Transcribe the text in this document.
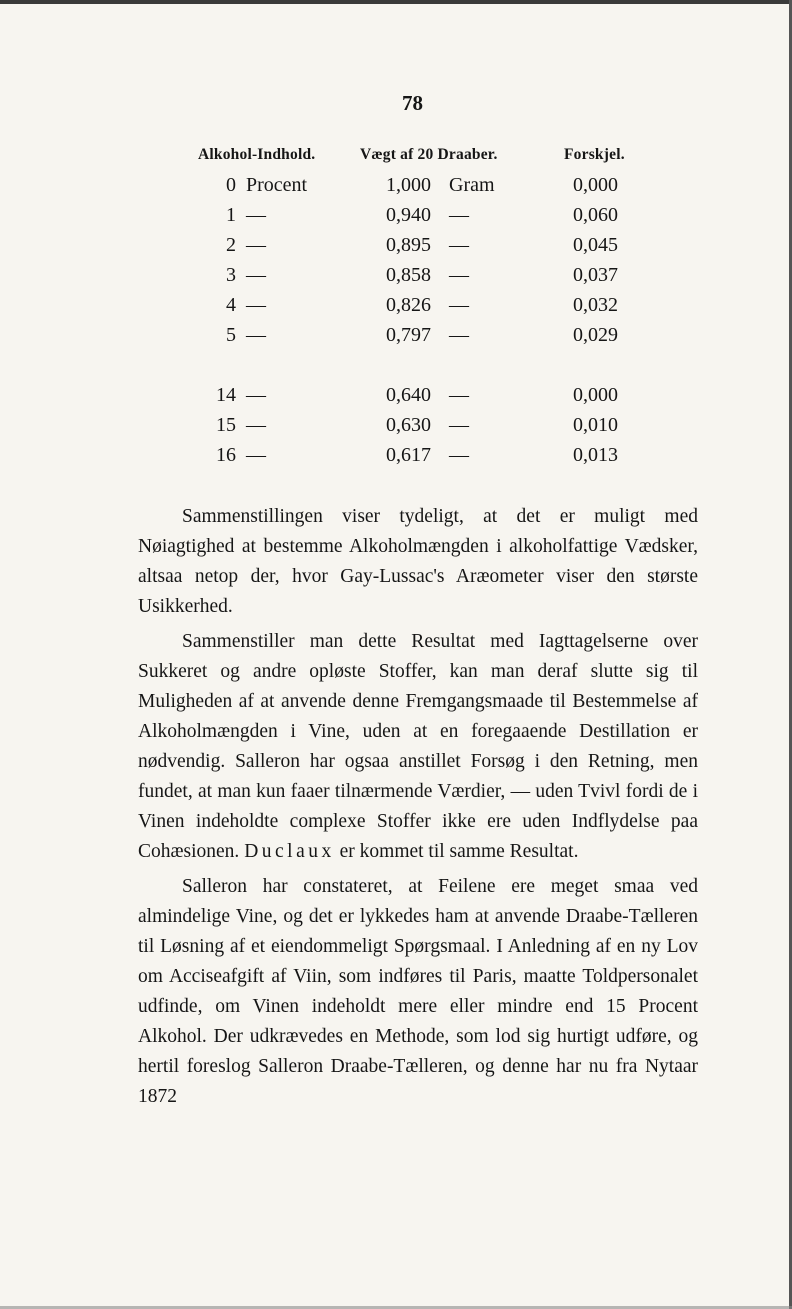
78
Alkohol-Indhold.	Vægt af 20 Draaber.	Forskjel.
0 Procent	1,000 Gram	0,000
1 —	0,940 —	0,060
2 —	0,895 —	0,045
3 —	0,858 —	0,037
4 —	0,826 —	0,032
5 —	0,797 —	0,029
14 —	0,640 —	0,000
15 —	0,630 —	0,010
16 —	0,617 —	0,013

Sammenstillingen viser tydeligt, at det er muligt med Nøiagtighed at bestemme Alkoholmængden i alkoholfattige Vædsker, altsaa netop der, hvor Gay-Lussac's Aræometer viser den største Usikkerhed.

Sammenstiller man dette Resultat med Iagttagelserne over Sukkeret og andre opløste Stoffer, kan man deraf slutte sig til Muligheden af at anvende denne Fremgangsmaade til Bestemmelse af Alkoholmængden i Vine, uden at en foregaaende Destillation er nødvendig. Salleron har ogsaa anstillet Forsøg i den Retning, men fundet, at man kun faaer tilnærmende Værdier, — uden Tvivl fordi de i Vinen indeholdte complexe Stoffer ikke ere uden Indflydelse paa Cohæsionen. Duclaux er kommet til samme Resultat.

Salleron har constateret, at Feilene ere meget smaa ved almindelige Vine, og det er lykkedes ham at anvende Draabe-Tælleren til Løsning af et eiendommeligt Spørgsmaal. I Anledning af en ny Lov om Acciseafgift af Viin, som indføres til Paris, maatte Toldpersonalet udfinde, om Vinen indeholdt mere eller mindre end 15 Procent Alkohol. Der udkrævedes en Methode, som lod sig hurtigt udføre, og hertil foreslog Salleron Draabe-Tælleren, og denne har nu fra Nytaar 1872
